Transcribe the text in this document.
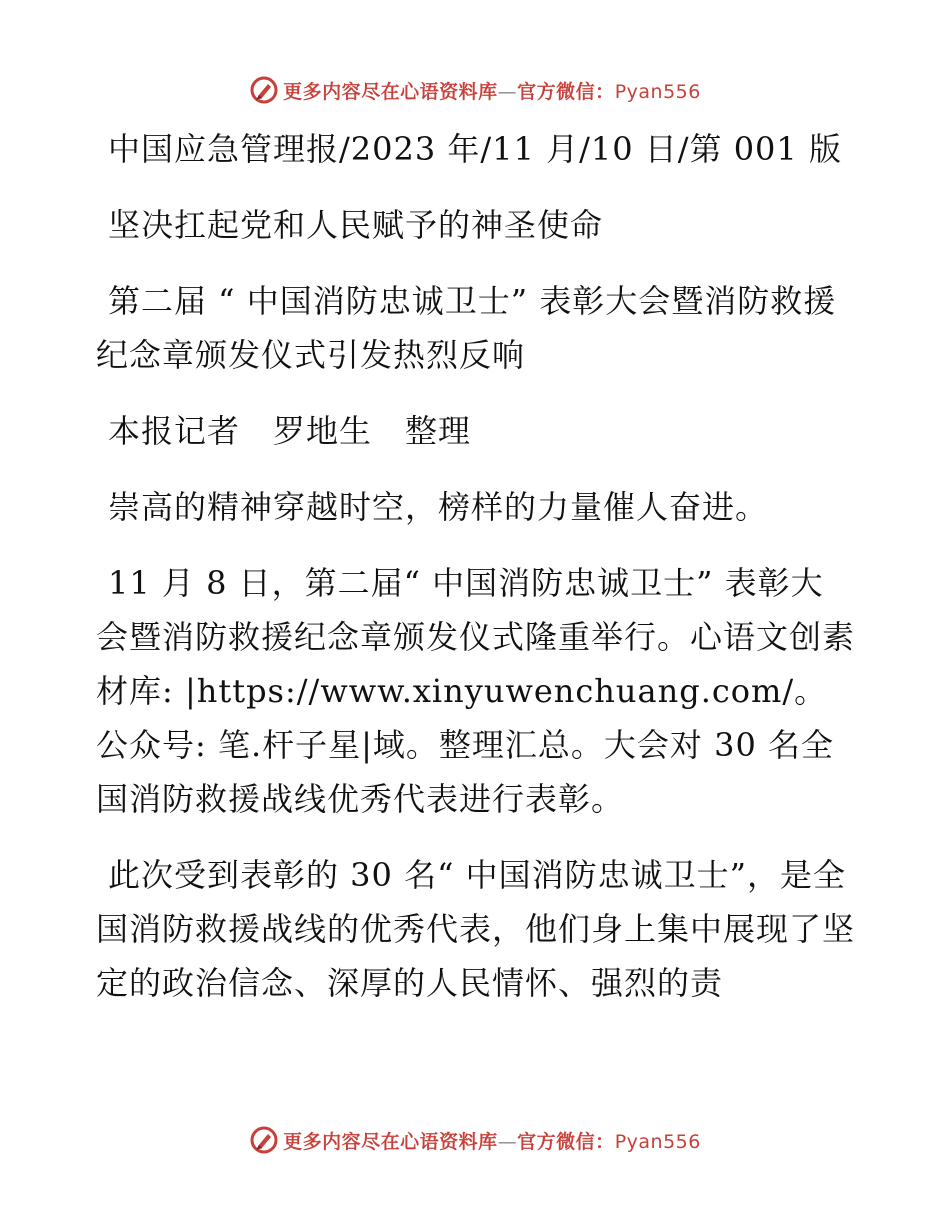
更多内容尽在心语资料库—官方微信：Pyan556

中国应急管理报/2023 年/11 月/10 日/第 001 版

坚决扛起党和人民赋予的神圣使命

第二届 “ 中国消防忠诚卫士” 表彰大会暨消防救援纪念章颁发仪式引发热烈反响

本报记者　罗地生　整理

崇高的精神穿越时空，榜样的力量催人奋进。

11 月 8 日，第二届“ 中国消防忠诚卫士” 表彰大会暨消防救援纪念章颁发仪式隆重举行。心语文创素材库: |https://www.xinyuwenchuang.com/。公众号: 笔.杆子星|域。整理汇总。大会对 30 名全国消防救援战线优秀代表进行表彰。

此次受到表彰的 30 名“ 中国消防忠诚卫士”，是全国消防救援战线的优秀代表，他们身上集中展现了坚定的政治信念、深厚的人民情怀、强烈的责

更多内容尽在心语资料库—官方微信：Pyan556
